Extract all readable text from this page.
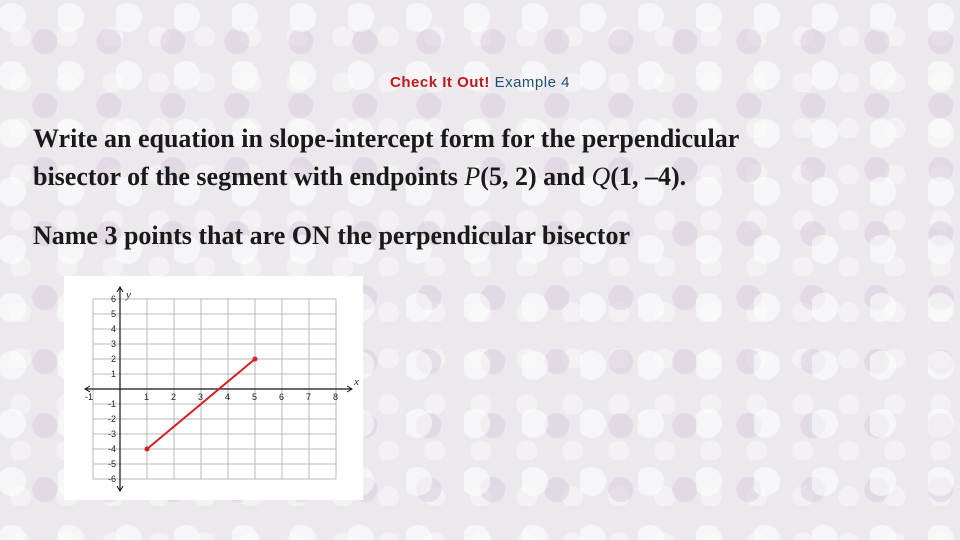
Check It Out! Example 4

Write an equation in slope-intercept form for the perpendicular
bisector of the segment with endpoints P(5, 2) and Q(1, –4).

Name 3 points that are ON the perpendicular bisector

x
y
-1	1 2 3 4 5 6 7 8
6
5
4
3
2
1
-1
-2
-3
-4
-5
-6
